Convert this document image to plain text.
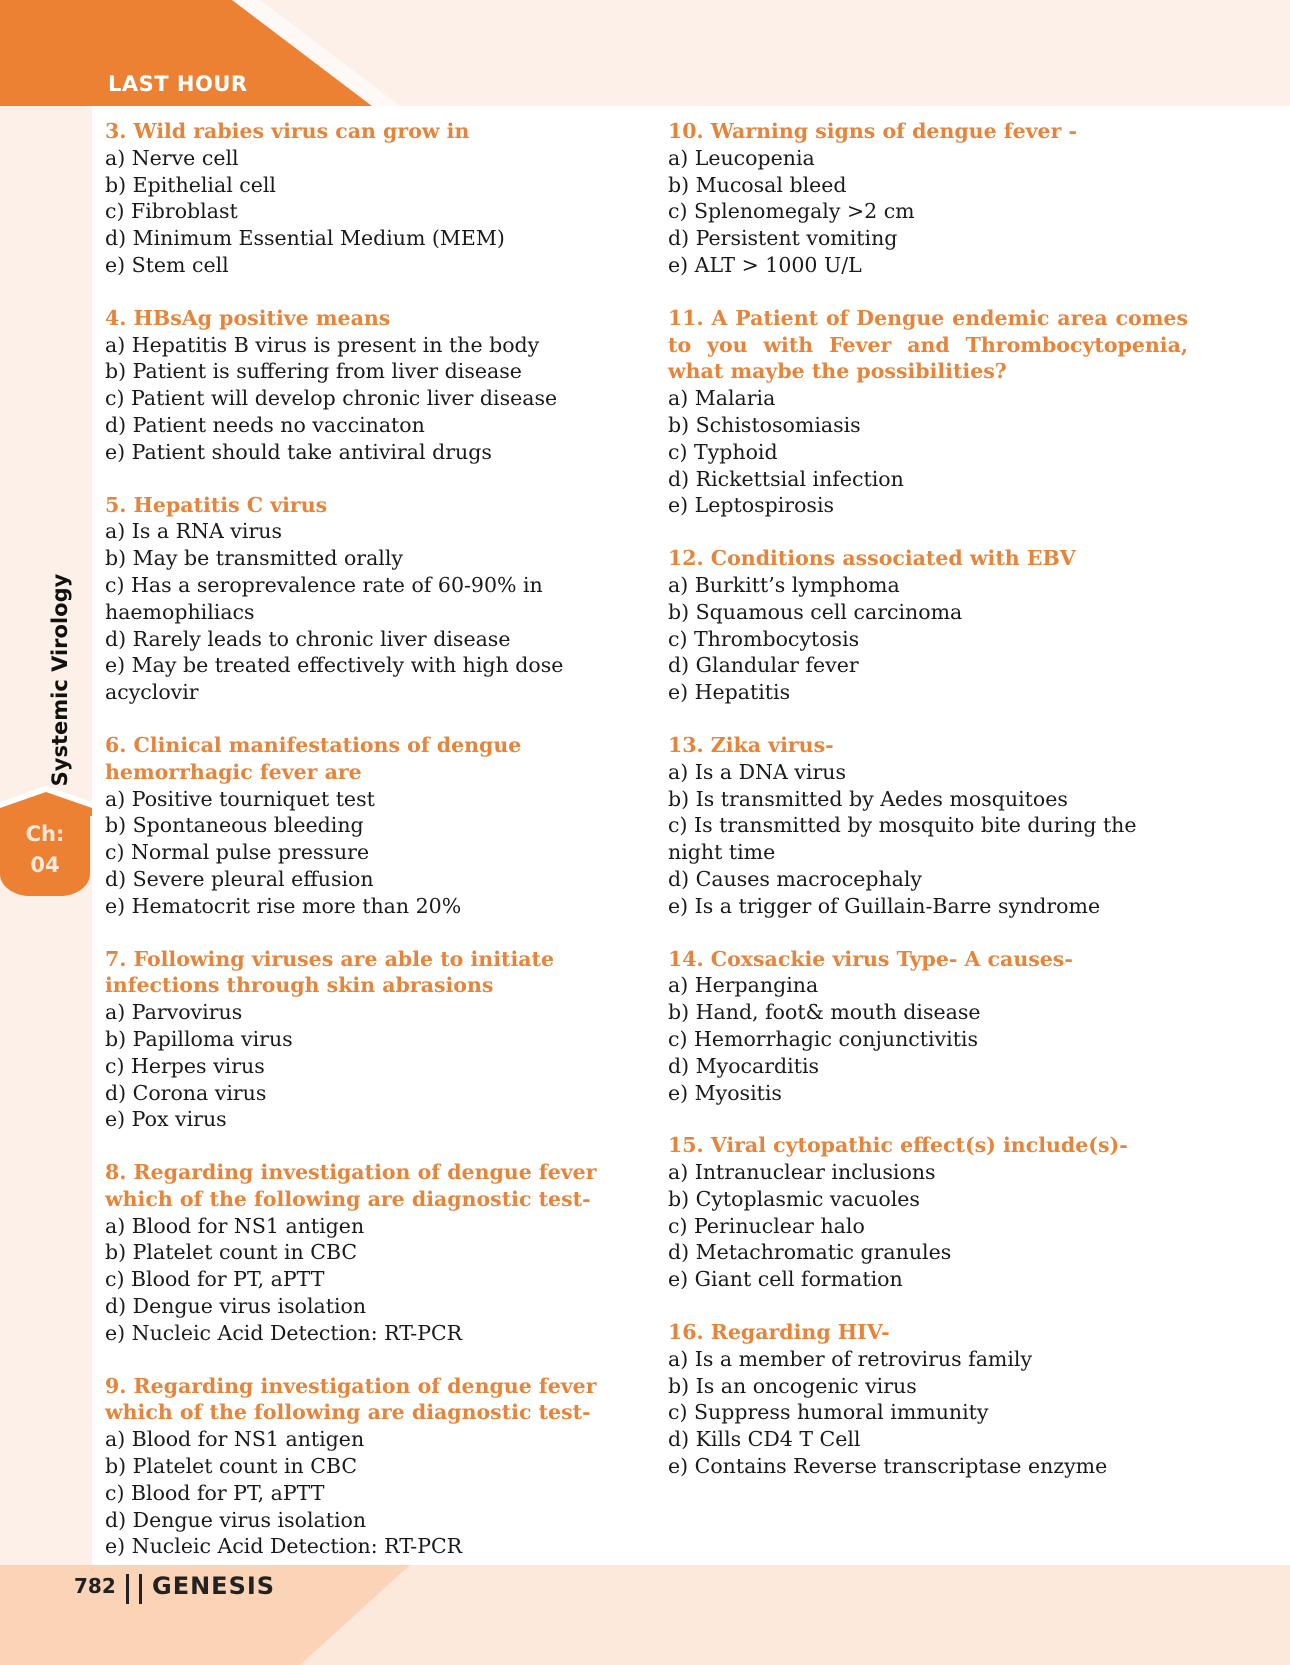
LAST HOUR
Systemic Virology
Ch:
04
3. Wild rabies virus can grow in
a) Nerve cell
b) Epithelial cell
c) Fibroblast
d) Minimum Essential Medium (MEM)
e) Stem cell
4. HBsAg positive means
a) Hepatitis B virus is present in the body
b) Patient is suffering from liver disease
c) Patient will develop chronic liver disease
d) Patient needs no vaccinaton
e) Patient should take antiviral drugs
5. Hepatitis C virus
a) Is a RNA virus
b) May be transmitted orally
c) Has a seroprevalence rate of 60-90% in haemophiliacs
d) Rarely leads to chronic liver disease
e) May be treated effectively with high dose acyclovir
6. Clinical manifestations of dengue hemorrhagic fever are
a) Positive tourniquet test
b) Spontaneous bleeding
c) Normal pulse pressure
d) Severe pleural effusion
e) Hematocrit rise more than 20%
7. Following viruses are able to initiate infections through skin abrasions
a) Parvovirus
b) Papilloma virus
c) Herpes virus
d) Corona virus
e) Pox virus
8. Regarding investigation of dengue fever which of the following are diagnostic test-
a) Blood for NS1 antigen
b) Platelet count in CBC
c) Blood for PT, aPTT
d) Dengue virus isolation
e) Nucleic Acid Detection: RT-PCR
9. Regarding investigation of dengue fever which of the following are diagnostic test-
a) Blood for NS1 antigen
b) Platelet count in CBC
c) Blood for PT, aPTT
d) Dengue virus isolation
e) Nucleic Acid Detection: RT-PCR
10. Warning signs of dengue fever -
a) Leucopenia
b) Mucosal bleed
c) Splenomegaly >2 cm
d) Persistent vomiting
e) ALT > 1000 U/L
11. A Patient of Dengue endemic area comes to you with Fever and Thrombocytopenia, what maybe the possibilities?
a) Malaria
b) Schistosomiasis
c) Typhoid
d) Rickettsial infection
e) Leptospirosis
12. Conditions associated with EBV
a) Burkitt’s lymphoma
b) Squamous cell carcinoma
c) Thrombocytosis
d) Glandular fever
e) Hepatitis
13. Zika virus-
a) Is a DNA virus
b) Is transmitted by Aedes mosquitoes
c) Is transmitted by mosquito bite during the night time
d) Causes macrocephaly
e) Is a trigger of Guillain-Barre syndrome
14. Coxsackie virus Type- A causes-
a) Herpangina
b) Hand, foot& mouth disease
c) Hemorrhagic conjunctivitis
d) Myocarditis
e) Myositis
15. Viral cytopathic effect(s) include(s)-
a) Intranuclear inclusions
b) Cytoplasmic vacuoles
c) Perinuclear halo
d) Metachromatic granules
e) Giant cell formation
16. Regarding HIV-
a) Is a member of retrovirus family
b) Is an oncogenic virus
c) Suppress humoral immunity
d) Kills CD4 T Cell
e) Contains Reverse transcriptase enzyme
782 GENESIS
